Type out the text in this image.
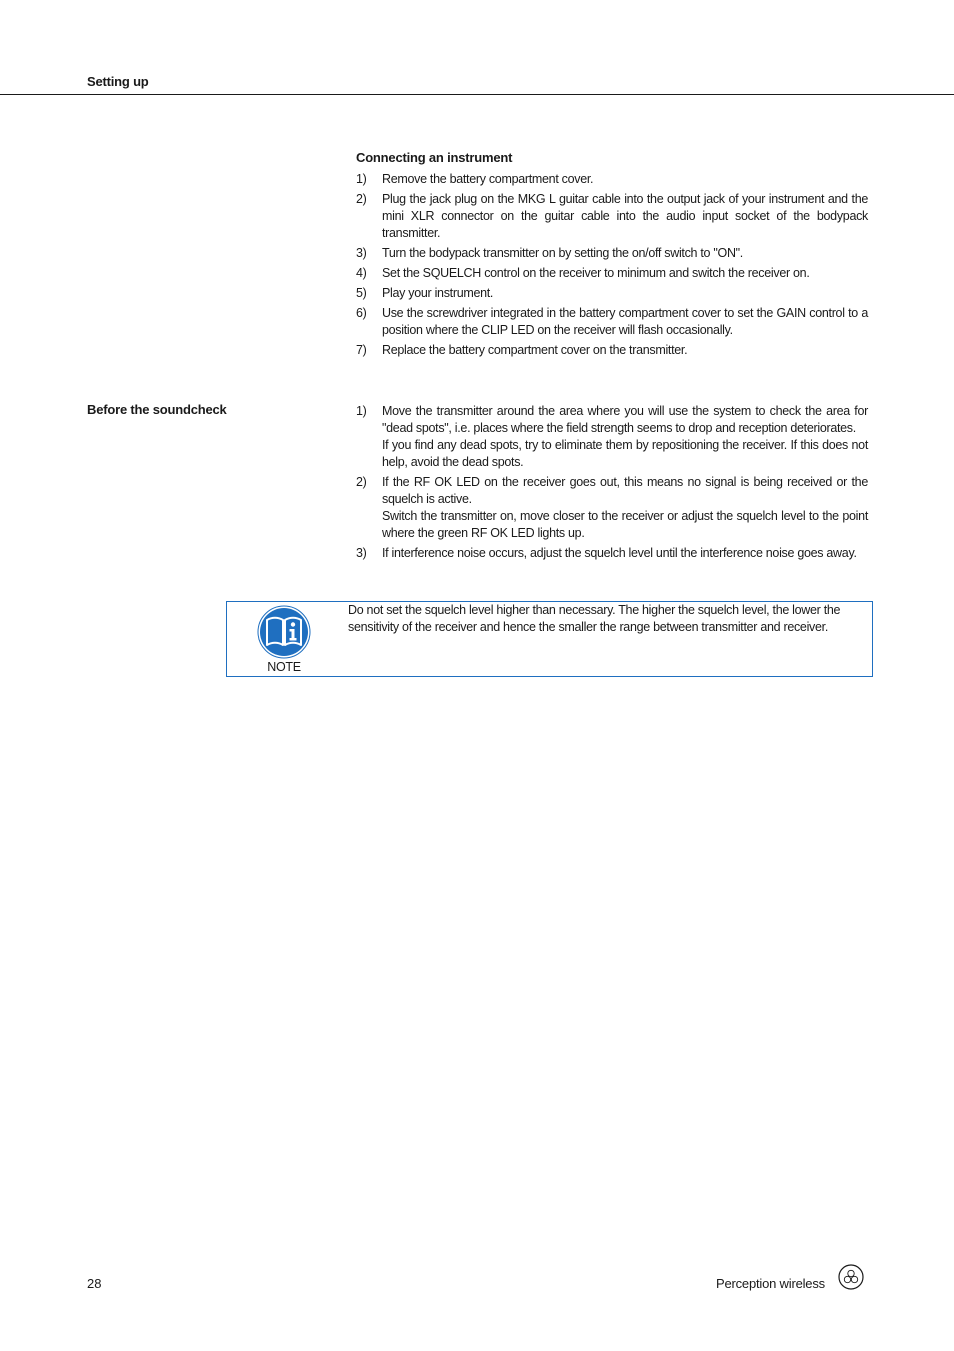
Setting up
Connecting an instrument
1)	Remove the battery compartment cover.
2)	Plug the jack plug on the MKG L guitar cable into the output jack of your instrument and the mini XLR connector on the guitar cable into the audio input socket of the bodypack transmitter.
3)	Turn the bodypack transmitter on by setting the on/off switch to "ON".
4)	Set the SQUELCH control on the receiver to minimum and switch the receiver on.
5)	Play your instrument.
6)	Use the screwdriver integrated in the battery compartment cover to set the GAIN control to a position where the CLIP LED on the receiver will flash occasionally.
7)	Replace the battery compartment cover on the transmitter.
Before the soundcheck	1)	Move the transmitter around the area where you will use the system to check the area for "dead spots", i.e. places where the field strength seems to drop and reception deteriorates.

If you find any dead spots, try to eliminate them by repositioning the receiver. If this does not help, avoid the dead spots.

2)	If the RF OK LED on the receiver goes out, this means no signal is being received or the squelch is active.

Switch the transmitter on, move closer to the receiver or adjust the squelch level to the point where the green RF OK LED lights up.

3)	If interference noise occurs, adjust the squelch level until the interference noise goes away.
NOTE
Do not set the squelch level higher than necessary. The higher the squelch level, the lower the sensitivity of the receiver and hence the smaller the range between transmitter and receiver.
28	Perception wireless
